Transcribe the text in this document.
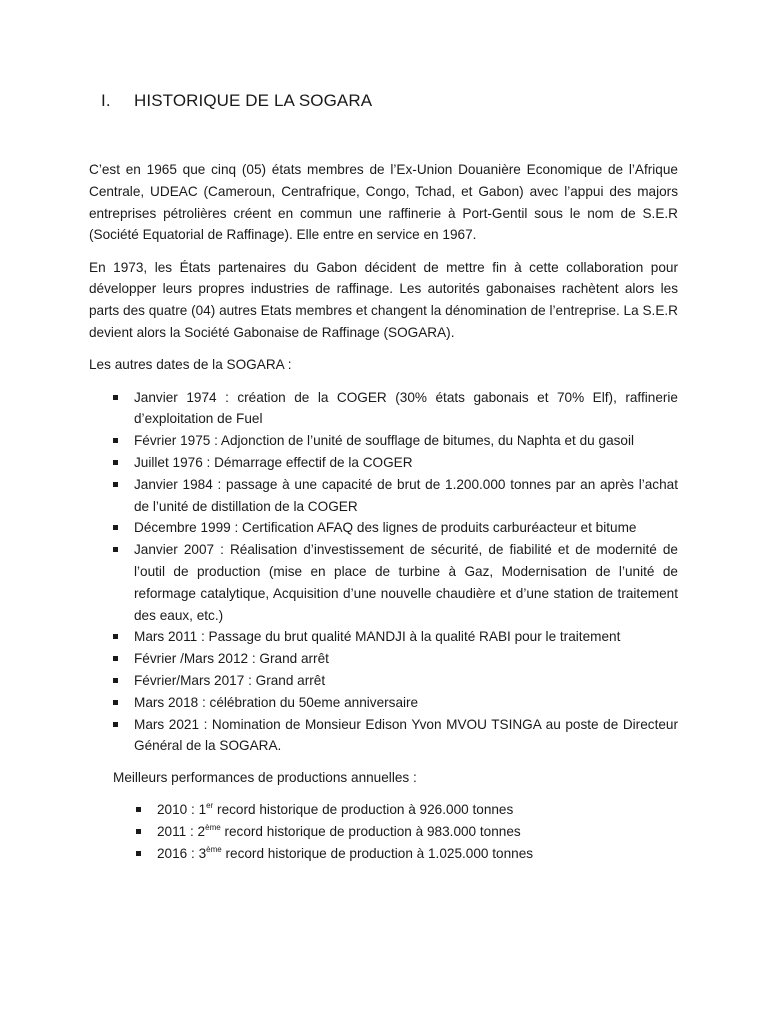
I.	HISTORIQUE DE LA SOGARA

C’est en 1965 que cinq (05) états membres de l’Ex-Union Douanière Economique de l’Afrique Centrale, UDEAC (Cameroun, Centrafrique, Congo, Tchad, et Gabon) avec l’appui des majors entreprises pétrolières créent en commun une raffinerie à Port-Gentil sous le nom de S.E.R (Société Equatorial de Raffinage). Elle entre en service en 1967.

En 1973, les États partenaires du Gabon décident de mettre fin à cette collaboration pour développer leurs propres industries de raffinage. Les autorités gabonaises rachètent alors les parts des quatre (04) autres Etats membres et changent la dénomination de l’entreprise. La S.E.R devient alors la Société Gabonaise de Raffinage (SOGARA).

Les autres dates de la SOGARA :

Janvier 1974 : création de la COGER (30% états gabonais et 70% Elf), raffinerie d’exploitation de Fuel
Février 1975 : Adjonction de l’unité de soufflage de bitumes, du Naphta et du gasoil
Juillet 1976 : Démarrage effectif de la COGER
Janvier 1984 : passage à une capacité de brut de 1.200.000 tonnes par an après l’achat de l’unité de distillation de la COGER
Décembre 1999 : Certification AFAQ des lignes de produits carburéacteur et bitume
Janvier 2007 : Réalisation d’investissement de sécurité, de fiabilité et de modernité de l’outil de production (mise en place de turbine à Gaz, Modernisation de l’unité de reformage catalytique, Acquisition d’une nouvelle chaudière et d’une station de traitement des eaux, etc.)
Mars 2011 : Passage du brut qualité MANDJI à la qualité RABI pour le traitement
Février /Mars 2012 : Grand arrêt
Février/Mars 2017 : Grand arrêt
Mars 2018 : célébration du 50eme anniversaire
Mars 2021 : Nomination de Monsieur Edison Yvon MVOU TSINGA au poste de Directeur Général de la SOGARA.

Meilleurs performances de productions annuelles :

2010 : 1er record historique de production à 926.000 tonnes
2011 : 2ème record historique de production à 983.000 tonnes
2016 : 3ème record historique de production à 1.025.000 tonnes
